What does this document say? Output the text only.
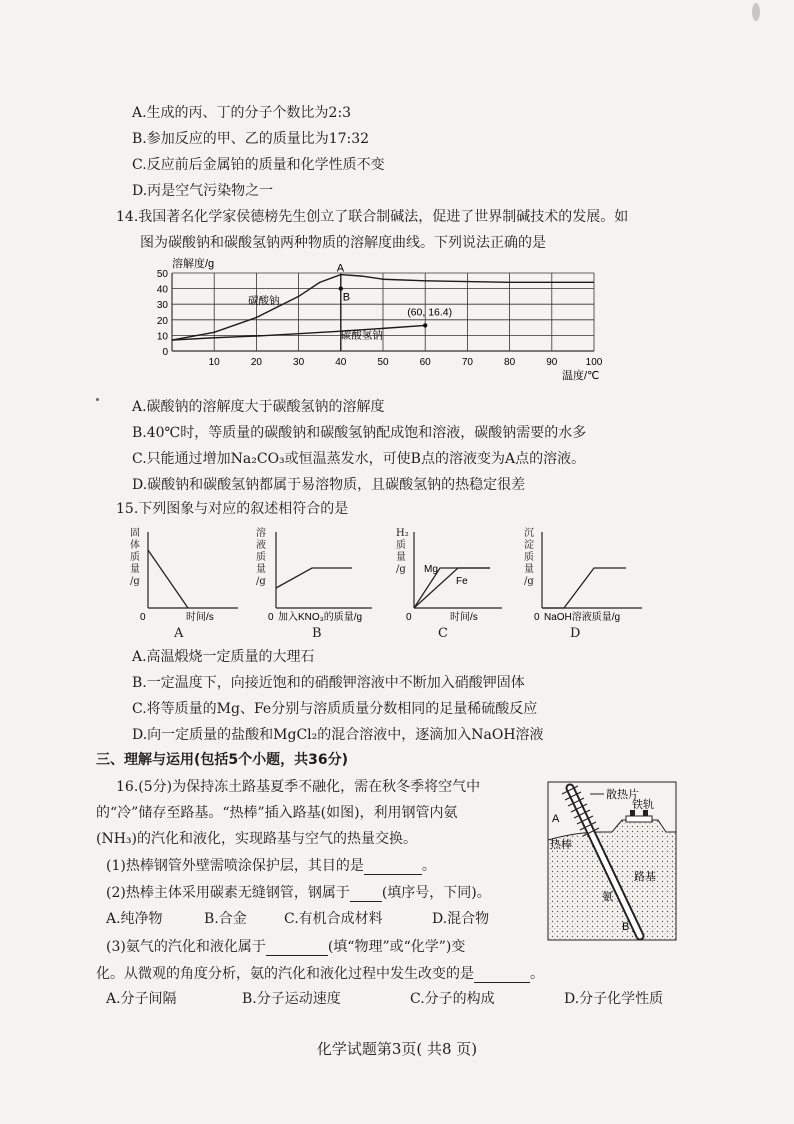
A.生成的丙、丁的分子个数比为2:3
B.参加反应的甲、乙的质量比为17:32
C.反应前后金属铂的质量和化学性质不变
D.丙是空气污染物之一
14.我国著名化学家侯德榜先生创立了联合制碱法，促进了世界制碱技术的发展。如
图为碳酸钠和碳酸氢钠两种物质的溶解度曲线。下列说法正确的是
50
40
30
20
10
0
10	20	30	40	50	60	70	80	90	100
碳酸钠
碳酸氢钠
A
B
(60, 16.4)
溶解度/g
温度/℃
A.碳酸钠的溶解度大于碳酸氢钠的溶解度
B.40℃时，等质量的碳酸钠和碳酸氢钠配成饱和溶液，碳酸钠需要的水多
C.只能通过增加Na₂CO₃或恒温蒸发水，可使B点的溶液变为A点的溶液。
D.碳酸钠和碳酸氢钠都属于易溶物质，且碳酸氢钠的热稳定很差
15.下列图象与对应的叙述相符合的是
0	时间/s
固
体
质
量
/g
A
0 加入KNO₃的质量/g
溶
液
质
量
/g
B
Mg
Fe
0	时间/s
H₂
质
量
/g
C
0 NaOH溶液质量/g
沉
淀
质
量
/g
D
A.高温煅烧一定质量的大理石
B.一定温度下，向接近饱和的硝酸钾溶液中不断加入硝酸钾固体
C.将等质量的Mg、Fe分别与溶质质量分数相同的足量稀硫酸反应
D.向一定质量的盐酸和MgCl₂的混合溶液中，逐滴加入NaOH溶液
三、理解与运用(包括5个小题，共36分)
16.(5分)为保持冻土路基夏季不融化，需在秋冬季将空气中
的“冷”储存至路基。“热棒”插入路基(如图)，利用钢管内氨
(NH₃)的汽化和液化，实现路基与空气的热量交换。
(1)热棒钢管外壁需喷涂保护层，其目的是	。
(2)热棒主体采用碳素无缝钢管，钢属于 (填序号，下同)。
A.纯净物	B.合金	C.有机合成材料	D.混合物
(3)氨气的汽化和液化属于	(填“物理”或“化学”)变
化。从微观的角度分析，氨的汽化和液化过程中发生改变的是	。
A.分子间隔	B.分子运动速度	C.分子的构成	D.分子化学性质
散热片
铁轨
热棒
路基
氨
A
B
化学试题第3页( 共8 页)
